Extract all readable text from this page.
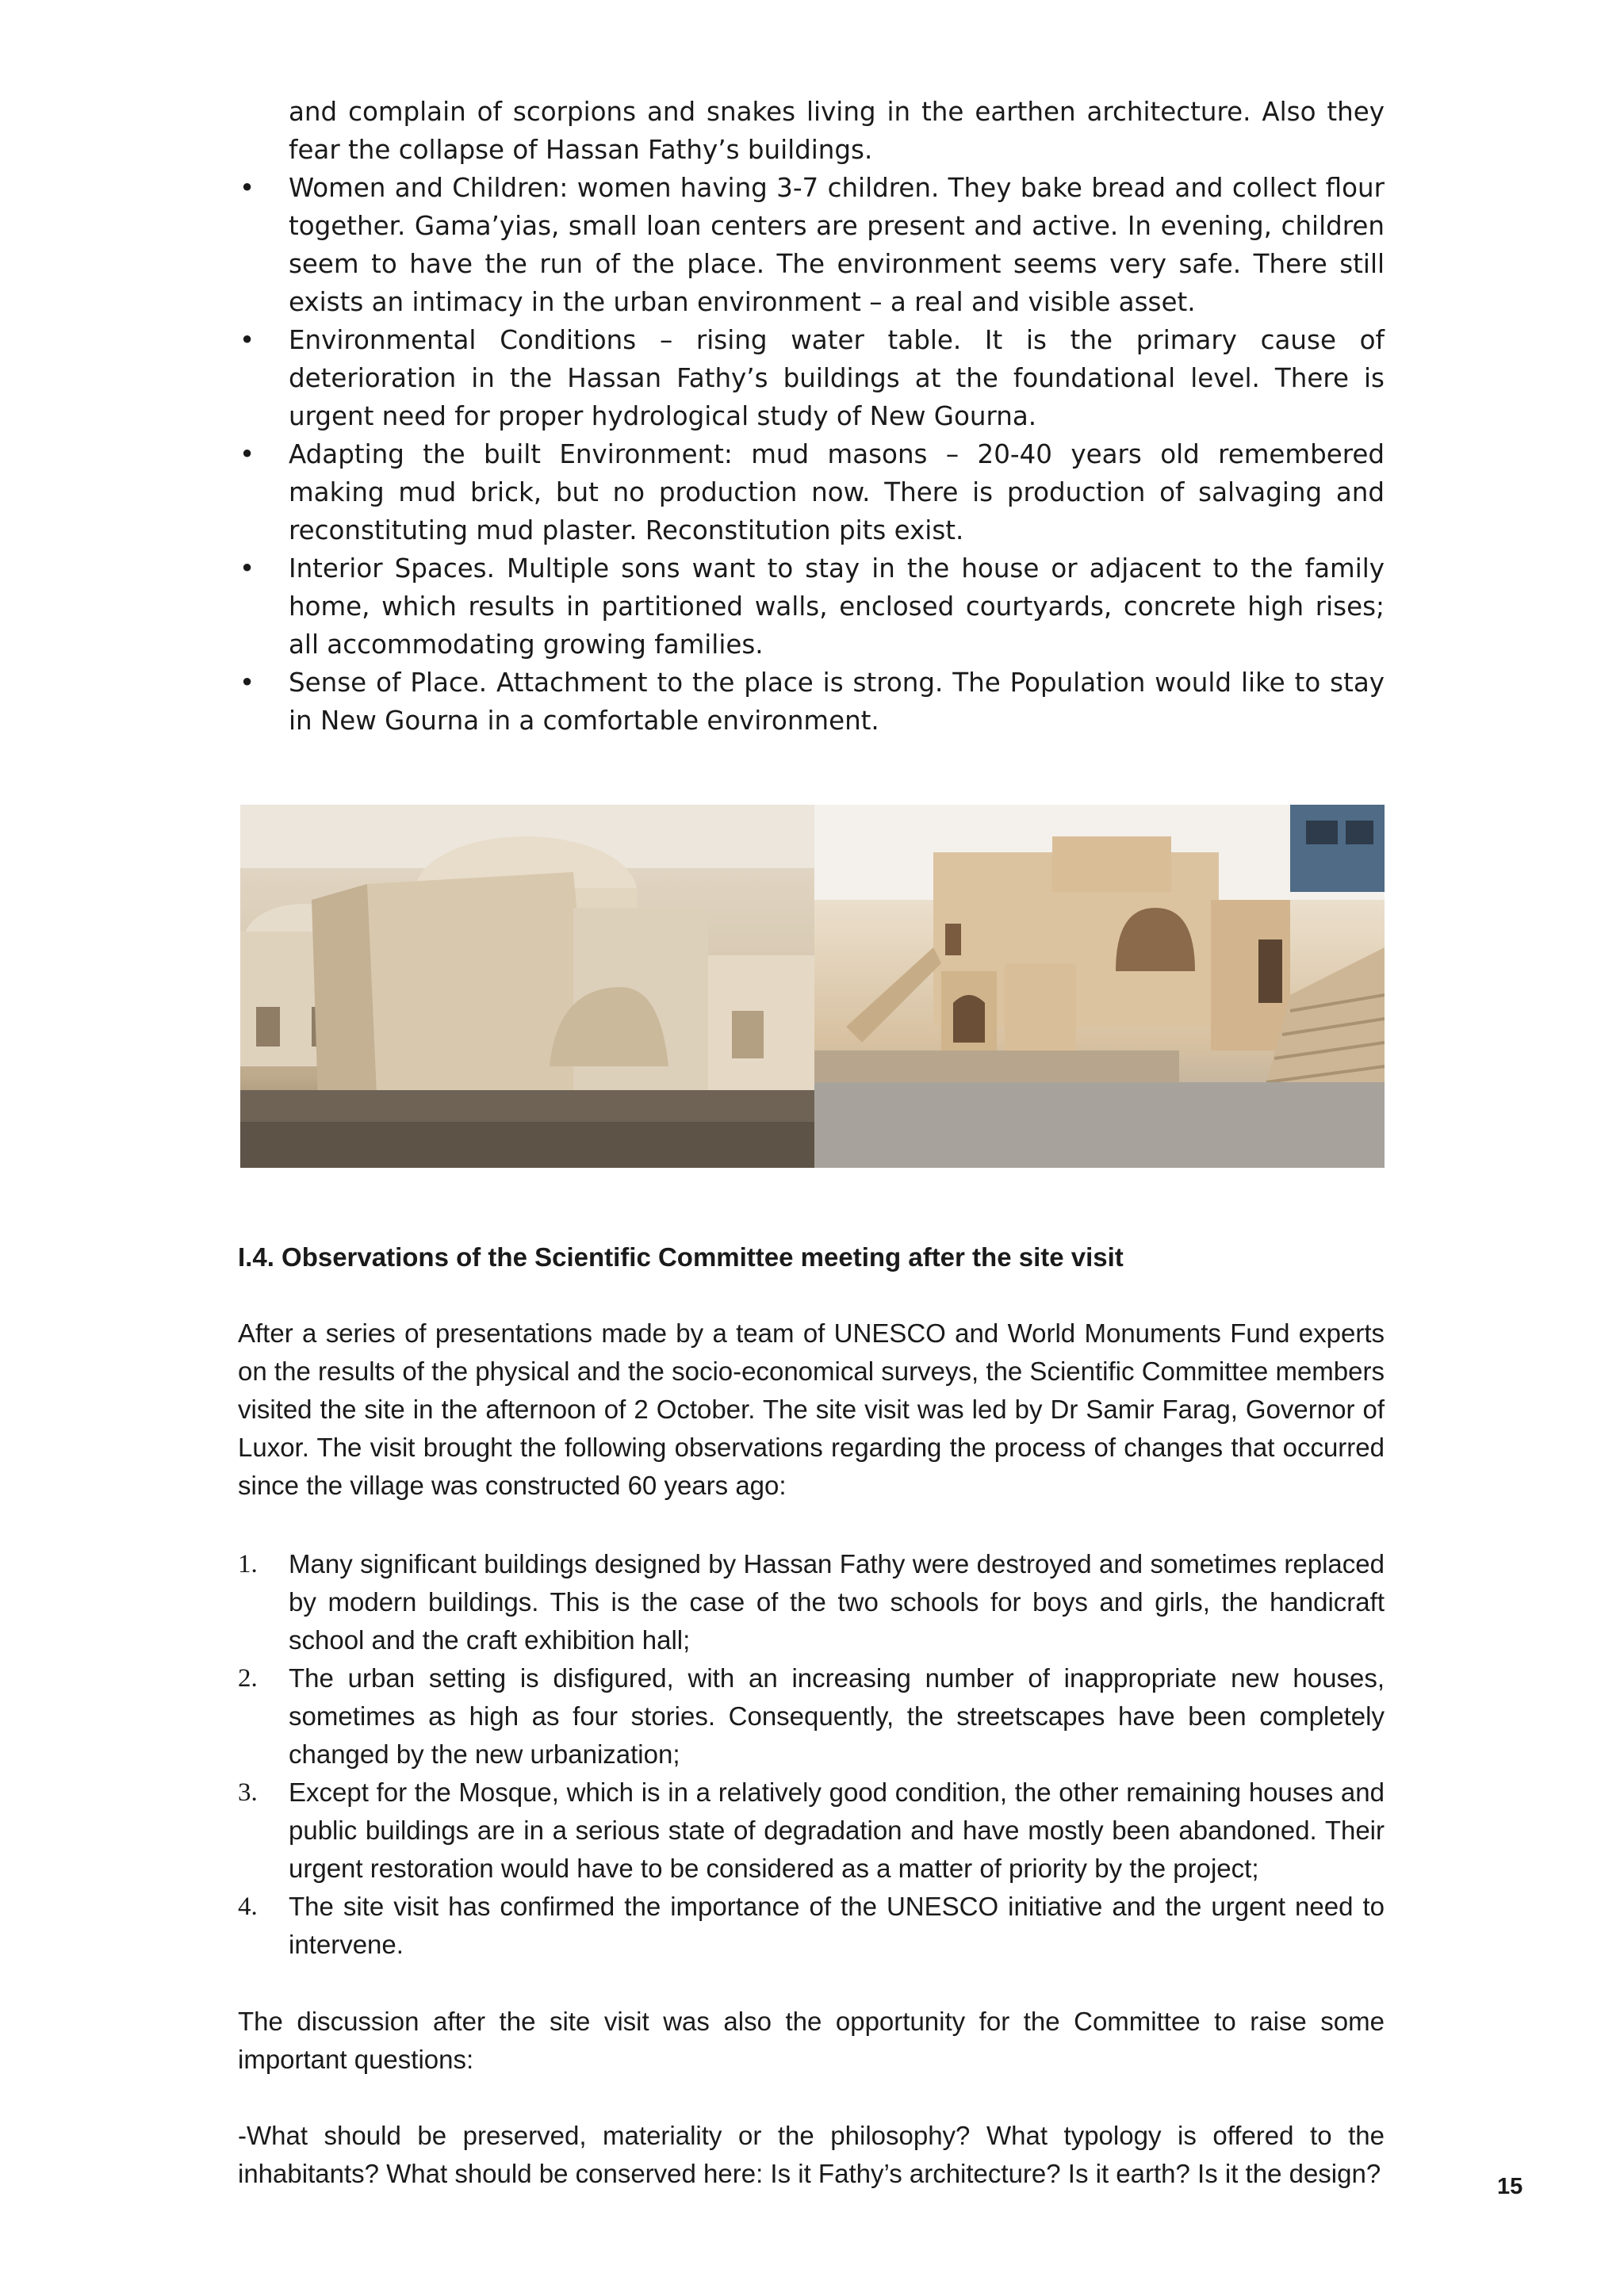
and complain of scorpions and snakes living in the earthen architecture. Also they fear the collapse of Hassan Fathy’s buildings.
• Women and Children: women having 3-7 children. They bake bread and collect flour together. Gama’yias, small loan centers are present and active. In evening, children seem to have the run of the place. The environment seems very safe. There still exists an intimacy in the urban environment – a real and visible asset.
• Environmental Conditions – rising water table. It is the primary cause of deterioration in the Hassan Fathy’s buildings at the foundational level. There is urgent need for proper hydrological study of New Gourna.
• Adapting the built Environment: mud masons – 20-40 years old remembered making mud brick, but no production now. There is production of salvaging and reconstituting mud plaster. Reconstitution pits exist.
• Interior Spaces. Multiple sons want to stay in the house or adjacent to the family home, which results in partitioned walls, enclosed courtyards, concrete high rises; all accommodating growing families.
• Sense of Place. Attachment to the place is strong. The Population would like to stay in New Gourna in a comfortable environment.
I.4. Observations of the Scientific Committee meeting after the site visit
After a series of presentations made by a team of UNESCO and World Monuments Fund experts on the results of the physical and the socio-economical surveys, the Scientific Committee members visited the site in the afternoon of 2 October. The site visit was led by Dr Samir Farag, Governor of Luxor. The visit brought the following observations regarding the process of changes that occurred since the village was constructed 60 years ago:
1. Many significant buildings designed by Hassan Fathy were destroyed and sometimes replaced by modern buildings. This is the case of the two schools for boys and girls, the handicraft school and the craft exhibition hall;
2. The urban setting is disfigured, with an increasing number of inappropriate new houses, sometimes as high as four stories. Consequently, the streetscapes have been completely changed by the new urbanization;
3. Except for the Mosque, which is in a relatively good condition, the other remaining houses and public buildings are in a serious state of degradation and have mostly been abandoned. Their urgent restoration would have to be considered as a matter of priority by the project;
4. The site visit has confirmed the importance of the UNESCO initiative and the urgent need to intervene.
The discussion after the site visit was also the opportunity for the Committee to raise some important questions:
-What should be preserved, materiality or the philosophy? What typology is offered to the inhabitants? What should be conserved here: Is it Fathy’s architecture? Is it earth? Is it the design?	15
